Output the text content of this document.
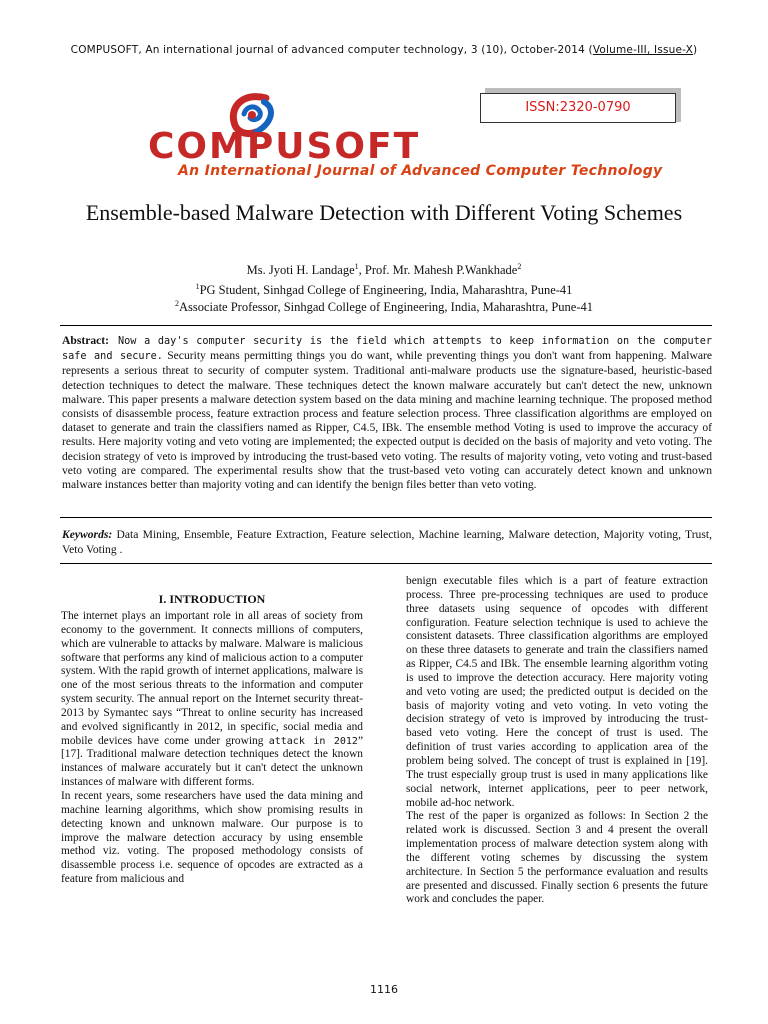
COMPUSOFT, An international journal of advanced computer technology, 3 (10), October-2014 (Volume-III, Issue-X)
ISSN:2320-0790
COMPUSOFT
An International Journal of Advanced Computer Technology
Ensemble-based Malware Detection with Different Voting Schemes
Ms. Jyoti H. Landage$^1$, Prof. Mr. Mahesh P.Wankhade$^2$
$^1$PG Student, Sinhgad College of Engineering, India, Maharashtra, Pune-41
$^2$Associate Professor, Sinhgad College of Engineering, India, Maharashtra, Pune-41
Abstract: Now a day's computer security is the field which attempts to keep information on the computer safe and secure. Security means permitting things you do want, while preventing things you don't want from happening. Malware represents a serious threat to security of computer system. Traditional anti-malware products use the signature-based, heuristic-based detection techniques to detect the malware. These techniques detect the known malware accurately but can't detect the new, unknown malware. This paper presents a malware detection system based on the data mining and machine learning technique. The proposed method consists of disassemble process, feature extraction process and feature selection process. Three classification algorithms are employed on dataset to generate and train the classifiers named as Ripper, C4.5, IBk. The ensemble method Voting is used to improve the accuracy of results. Here majority voting and veto voting are implemented; the expected output is decided on the basis of majority and veto voting. The decision strategy of veto is improved by introducing the trust-based veto voting. The results of majority voting, veto voting and trust-based veto voting are compared. The experimental results show that the trust-based veto voting can accurately detect known and unknown malware instances better than majority voting and can identify the benign files better than veto voting.
Keywords: Data Mining, Ensemble, Feature Extraction, Feature selection, Machine learning, Malware detection, Majority voting, Trust, Veto Voting .
I. INTRODUCTION

The internet plays an important role in all areas of society from economy to the government. It connects millions of computers, which are vulnerable to attacks by malware. Malware is malicious software that performs any kind of malicious action to a computer system. With the rapid growth of internet applications, malware is one of the most serious threats to the information and computer system security. The annual report on the Internet security threat-2013 by Symantec says “Threat to online security has increased and evolved significantly in 2012, in specific, social media and mobile devices have come under growing attack in 2012” [17]. Traditional malware detection techniques detect the known instances of malware accurately but it can't detect the unknown instances of malware with different forms.

In recent years, some researchers have used the data mining and machine learning algorithms, which show promising results in detecting known and unknown malware. Our purpose is to improve the malware detection accuracy by using ensemble method viz. voting. The proposed methodology consists of disassemble process i.e. sequence of opcodes are extracted as a feature from malicious and

benign executable files which is a part of feature extraction process. Three pre-processing techniques are used to produce three datasets using sequence of opcodes with different configuration. Feature selection technique is used to achieve the consistent datasets. Three classification algorithms are employed on these three datasets to generate and train the classifiers named as Ripper, C4.5 and IBk. The ensemble learning algorithm voting is used to improve the detection accuracy. Here majority voting and veto voting are used; the predicted output is decided on the basis of majority voting and veto voting. In veto voting the decision strategy of veto is improved by introducing the trust-based veto voting. Here the concept of trust is used. The definition of trust varies according to application area of the problem being solved. The concept of trust is explained in [19]. The trust especially group trust is used in many applications like social network, internet applications, peer to peer network, mobile ad-hoc network.

The rest of the paper is organized as follows: In Section 2 the related work is discussed. Section 3 and 4 present the overall implementation process of malware detection system along with the different voting schemes by discussing the system architecture. In Section 5 the performance evaluation and results are presented and discussed. Finally section 6 presents the future work and concludes the paper.

1116
